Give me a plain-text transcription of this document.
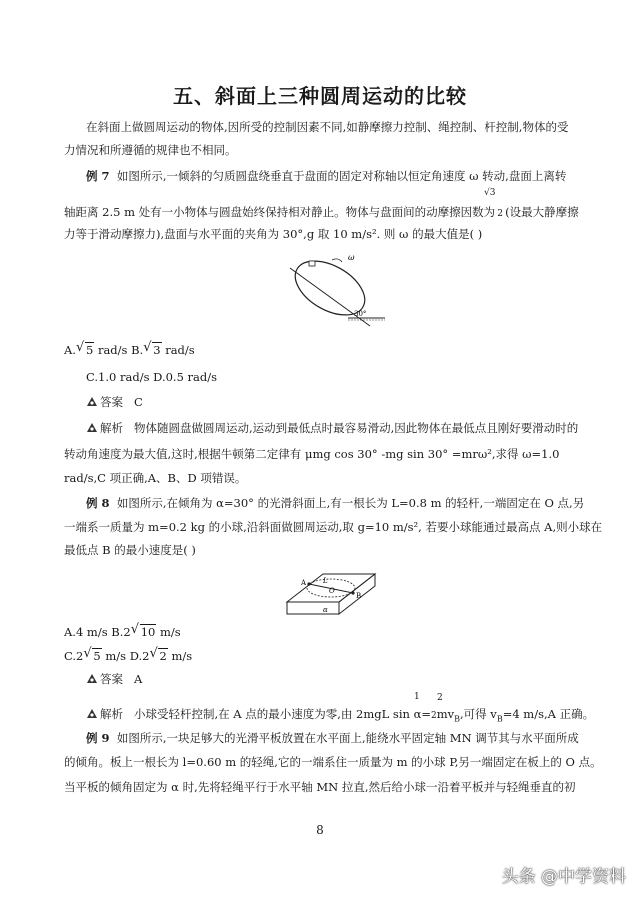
五、斜面上三种圆周运动的比较
在斜面上做圆周运动的物体,因所受的控制因素不同,如静摩擦力控制、绳控制、杆控制,物体的受
力情况和所遵循的规律也不相同。
例 7 如图所示,一倾斜的匀质圆盘绕垂直于盘面的固定对称轴以恒定角速度 ω 转动,盘面上离转
√3
轴距离 2.5 m 处有一小物体与圆盘始终保持相对静止。物体与盘面间的动摩擦因数为 2 (设最大静摩擦
力等于滑动摩擦力),盘面与水平面的夹角为 30°,g 取 10 m/s². 则 ω 的最大值是( )
ω
30°
A. √ 5 rad/s B. √ 3 rad/s
C.1.0 rad/s D.0.5 rad/s
答案 C
解析 物体随圆盘做圆周运动,运动到最低点时最容易滑动,因此物体在最低点且刚好要滑动时的
转动角速度为最大值,这时,根据牛顿第二定律有 μmg cos 30° -mg sin 30° =mrω²,求得 ω=1.0
rad/s,C 项正确,A、B、D 项错误。
例 8 如图所示,在倾角为 α=30° 的光滑斜面上,有一根长为 L=0.8 m 的轻杆,一端固定在 O 点,另
一端系一质量为 m=0.2 kg 的小球,沿斜面做圆周运动,取 g=10 m/s², 若要小球能通过最高点 A,则小球在
最低点 B 的最小速度是( )
A
B
L
O
α
A.4 m/s B.2 √ 10 m/s
C.2 √ 5 m/s D.2 √ 2 m/s
答案 A
1 2
解析 小球受轻杆控制,在 A 点的最小速度为零,由 2mgL $\sin \alpha=2mv_B$,可得 $v_B=4$ m/s,A 正确。
例 9 如图所示,一块足够大的光滑平板放置在水平面上,能绕水平固定轴 MN 调节其与水平面所成
的倾角。板上一根长为 l=0.60 m 的轻绳,它的一端系住一质量为 m 的小球 P,另一端固定在板上的 O 点。
当平板的倾角固定为 α 时,先将轻绳平行于水平轴 MN 拉直,然后给小球一沿着平板并与轻绳垂直的初
8
头条 @中学资料
